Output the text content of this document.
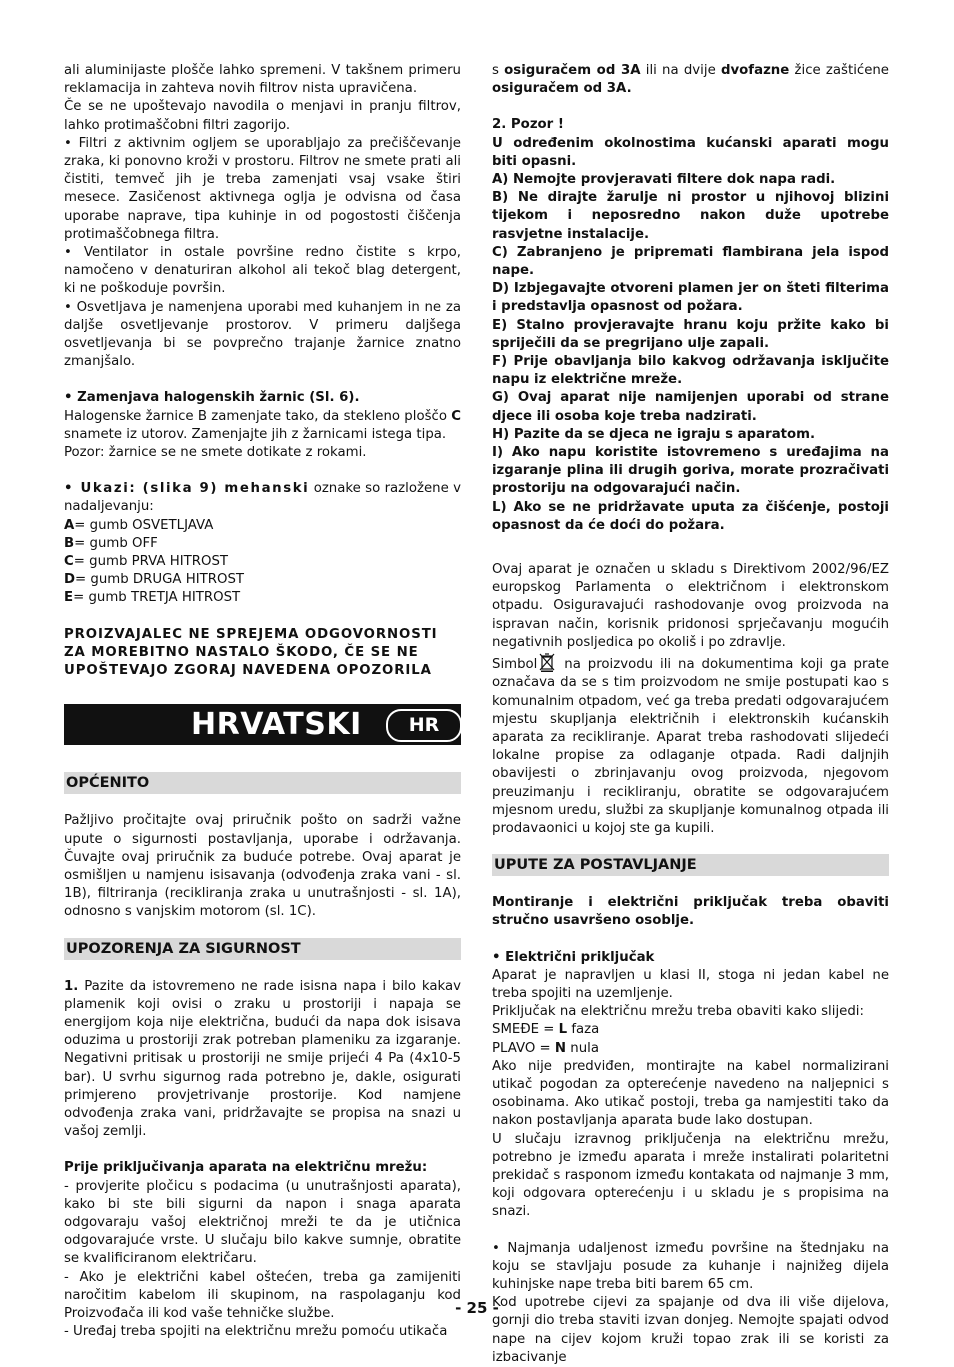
ali aluminijaste plošče lahko spremeni. V takšnem primeru reklamacija in zahteva novih filtrov nista upravičena.

Če se ne upoštevajo navodila o menjavi in pranju filtrov, lahko protimaščobni filtri zagorijo.

• Filtri z aktivnim ogljem se uporabljajo za prečiščevanje zraka, ki ponovno kroži v prostoru. Filtrov ne smete prati ali čistiti, temveč jih je treba zamenjati vsaj vsake štiri mesece. Zasičenost aktivnega oglja je odvisna od časa uporabe naprave, tipa kuhinje in od pogostosti čiščenja protimaščobnega filtra.

• Ventilator in ostale površine redno čistite s krpo, namočeno v denaturiran alkohol ali tekoč blag detergent, ki ne poškoduje površin.

• Osvetljava je namenjena uporabi med kuhanjem in ne za daljše osvetljevanje prostorov. V primeru daljšega osvetljevanja bi se povprečno trajanje žarnice znatno zmanjšalo.

• Zamenjava halogenskih žarnic (Sl. 6).

Halogenske žarnice B zamenjate tako, da stekleno ploščo C snamete iz utorov. Zamenjajte jih z žarnicami istega tipa.

Pozor: žarnice se ne smete dotikate z rokami.

• Ukazi: (slika 9) mehanski oznake so razložene v nadaljevanju:

A= gumb OSVETLJAVA

B= gumb OFF

C= gumb PRVA HITROST

D= gumb DRUGA HITROST

E= gumb TRETJA HITROST

PROIZVAJALEC NE SPREJEMA ODGOVORNOSTI ZA MOREBITNO NASTALO ŠKODO, ČE SE NE UPOŠTEVAJO ZGORAJ NAVEDENA OPOZORILA

HRVATSKI	HR

OPĆENITO

Pažljivo pročitajte ovaj priručnik pošto on sadrži važne upute o sigurnosti postavljanja, uporabe i održavanja. Čuvajte ovaj priručnik za buduće potrebe. Ovaj aparat je osmišljen u namjenu isisavanja (odvođenja zraka vani - sl. 1B), filtriranja (recikliranja zraka u unutrašnjosti - sl. 1A), odnosno s vanjskim motorom (sl. 1C).

UPOZORENJA ZA SIGURNOST

1. Pazite da istovremeno ne rade isisna napa i bilo kakav plamenik koji ovisi o zraku u prostoriji i napaja se energijom koja nije električna, budući da napa dok isisava oduzima u prostoriji zrak potreban plameniku za izgaranje. Negativni pritisak u prostoriji ne smije prijeći 4 Pa (4x10-5 bar). U svrhu sigurnog rada potrebno je, dakle, osigurati primjereno provjetrivanje prostorije. Kod namjene odvođenja zraka vani, pridržavajte se propisa na snazi u vašoj zemlji.

Prije priključivanja aparata na električnu mrežu:

- provjerite pločicu s podacima (u unutrašnjosti aparata), kako bi ste bili sigurni da napon i snaga aparata odgovaraju vašoj električnoj mreži te da je utičnica odgovarajuće vrste. U slučaju bilo kakve sumnje, obratite se kvalificiranom električaru.

- Ako je električni kabel oštećen, treba ga zamijeniti naročitim kabelom ili skupinom, na raspolaganju kod Proizvođača ili kod vaše tehničke službe.

- Uređaj treba spojiti na električnu mrežu pomoću utikača

s osiguračem od 3A ili na dvije dvofazne žice zaštićene osiguračem od 3A.

2. Pozor !

U određenim okolnostima kućanski aparati mogu biti opasni.

A) Nemojte provjeravati filtere dok napa radi.

B) Ne dirajte žarulje ni prostor u njihovoj blizini tijekom i neposredno nakon duže upotrebe rasvjetne instalacije.

C) Zabranjeno je pripremati flambirana jela ispod nape.

D) Izbjegavajte otvoreni plamen jer on šteti filterima i predstavlja opasnost od požara.

E) Stalno provjeravajte hranu koju pržite kako bi spriječili da se pregrijano ulje zapali.

F) Prije obavljanja bilo kakvog održavanja isključite napu iz električne mreže.

G) Ovaj aparat nije namijenjen uporabi od strane djece ili osoba koje treba nadzirati.

H) Pazite da se djeca ne igraju s aparatom.

I) Ako napu koristite istovremeno s uređajima na izgaranje plina ili drugih goriva, morate prozračivati prostoriju na odgovarajući način.

L) Ako se ne pridržavate uputa za čišćenje, postoji opasnost da će doći do požara.

Ovaj aparat je označen u skladu s Direktivom 2002/96/EZ europskog Parlamenta o električnom i elektronskom otpadu. Osiguravajući rashodovanje ovog proizvoda na ispravan način, korisnik pridonosi sprječavanju mogućih negativnih posljedica po okoliš i po zdravlje.

Simbol na proizvodu ili na dokumentima koji ga prate označava da se s tim proizvodom ne smije postupati kao s komunalnim otpadom, već ga treba predati odgovarajućem mjestu skupljanja električnih i elektronskih kućanskih aparata za recikliranje. Aparat treba rashodovati slijedeći lokalne propise za odlaganje otpada. Radi daljnjih obavijesti o zbrinjavanju ovog proizvoda, njegovom preuzimanju i recikliranju, obratite se odgovarajućem mjesnom uredu, službi za skupljanje komunalnog otpada ili prodavaonici u kojoj ste ga kupili.

UPUTE ZA POSTAVLJANJE

Montiranje i električni priključak treba obaviti stručno usavršeno osoblje.

• Električni priključak

Aparat je napravljen u klasi II, stoga ni jedan kabel ne treba spojiti na uzemljenje.

Priključak na električnu mrežu treba obaviti kako slijedi:

SMEĐE = L faza

PLAVO = N nula

Ako nije predviđen, montirajte na kabel normalizirani utikač pogodan za opterećenje navedeno na naljepnici s osobinama. Ako utikač postoji, treba ga namjestiti tako da nakon postavljanja aparata bude lako dostupan.

U slučaju izravnog priključenja na električnu mrežu, potrebno je između aparata i mreže instalirati polaritetni prekidač s rasponom između kontakata od najmanje 3 mm, koji odgovara opterećenju i u skladu je s propisima na snazi.

• Najmanja udaljenost između površine na štednjaku na koju se stavljaju posude za kuhanje i najnižeg dijela kuhinjske nape treba biti barem 65 cm.

Kod upotrebe cijevi za spajanje od dva ili više dijelova, gornji dio treba staviti izvan donjeg. Nemojte spajati odvod nape na cijev kojom kruži topao zrak ili se koristi za izbacivanje

- 25 -
